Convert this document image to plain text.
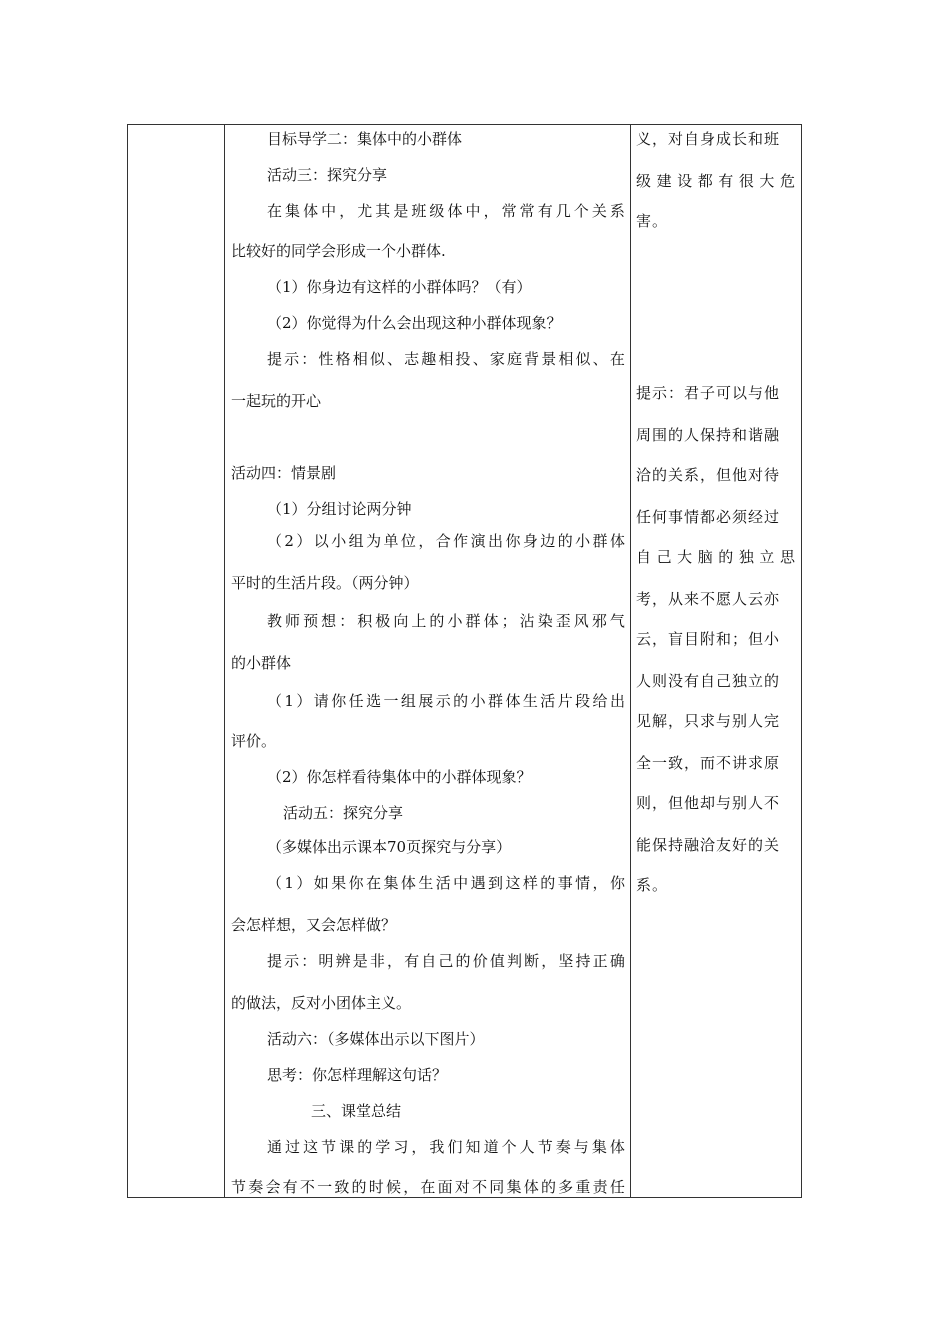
目标导学二：集体中的小群体
活动三：探究分享
在 集 体 中 ， 尤 其 是 班 级 体 中 ， 常 常 有 几 个 关 系
比较好的同学会形成一个小群体.
（1）你身边有这样的小群体吗？（有）
（2）你觉得为什么会出现这种小群体现象？
提 示 ： 性 格 相 似 、 志 趣 相 投 、 家 庭 背 景 相 似 、 在
一起玩的开心
活动四：情景剧
（1）分组讨论两分钟
（ 2 ） 以 小 组 为 单 位 ， 合 作 演 出 你 身 边 的 小 群 体
平时的生活片段。（两分钟）
教 师 预 想 ： 积 极 向 上 的 小 群 体 ； 沾 染 歪 风 邪 气
的小群体
（ 1 ） 请 你 任 选 一 组 展 示 的 小 群 体 生 活 片 段 给 出
评价。
（2）你怎样看待集体中的小群体现象？
活动五：探究分享
（多媒体出示课本70页探究与分享）
（ 1 ） 如 果 你 在 集 体 生 活 中 遇 到 这 样 的 事 情 ， 你
会怎样想，又会怎样做？
提 示 ： 明 辨 是 非 ， 有 自 己 的 价 值 判 断 ， 坚 持 正 确
的做法，反对小团体主义。
活动六：（多媒体出示以下图片）
思考：你怎样理解这句话？
三、课堂总结
通 过 这 节 课 的 学 习 ， 我 们 知 道 个 人 节 奏 与 集 体
节 奏 会 有 不 一 致 的 时 候 ， 在 面 对 不 同 集 体 的 多 重 责 任
义，对自身成长和班
级 建 设 都 有 很 大 危
害。
提示：君子可以与他
周围的人保持和谐融
洽的关系，但他对待
任何事情都必须经过
自 己 大 脑 的 独 立 思
考，从来不愿人云亦
云，盲目附和；但小
人则没有自己独立的
见解，只求与别人完
全一致，而不讲求原
则，但他却与别人不
能保持融洽友好的关
系。
